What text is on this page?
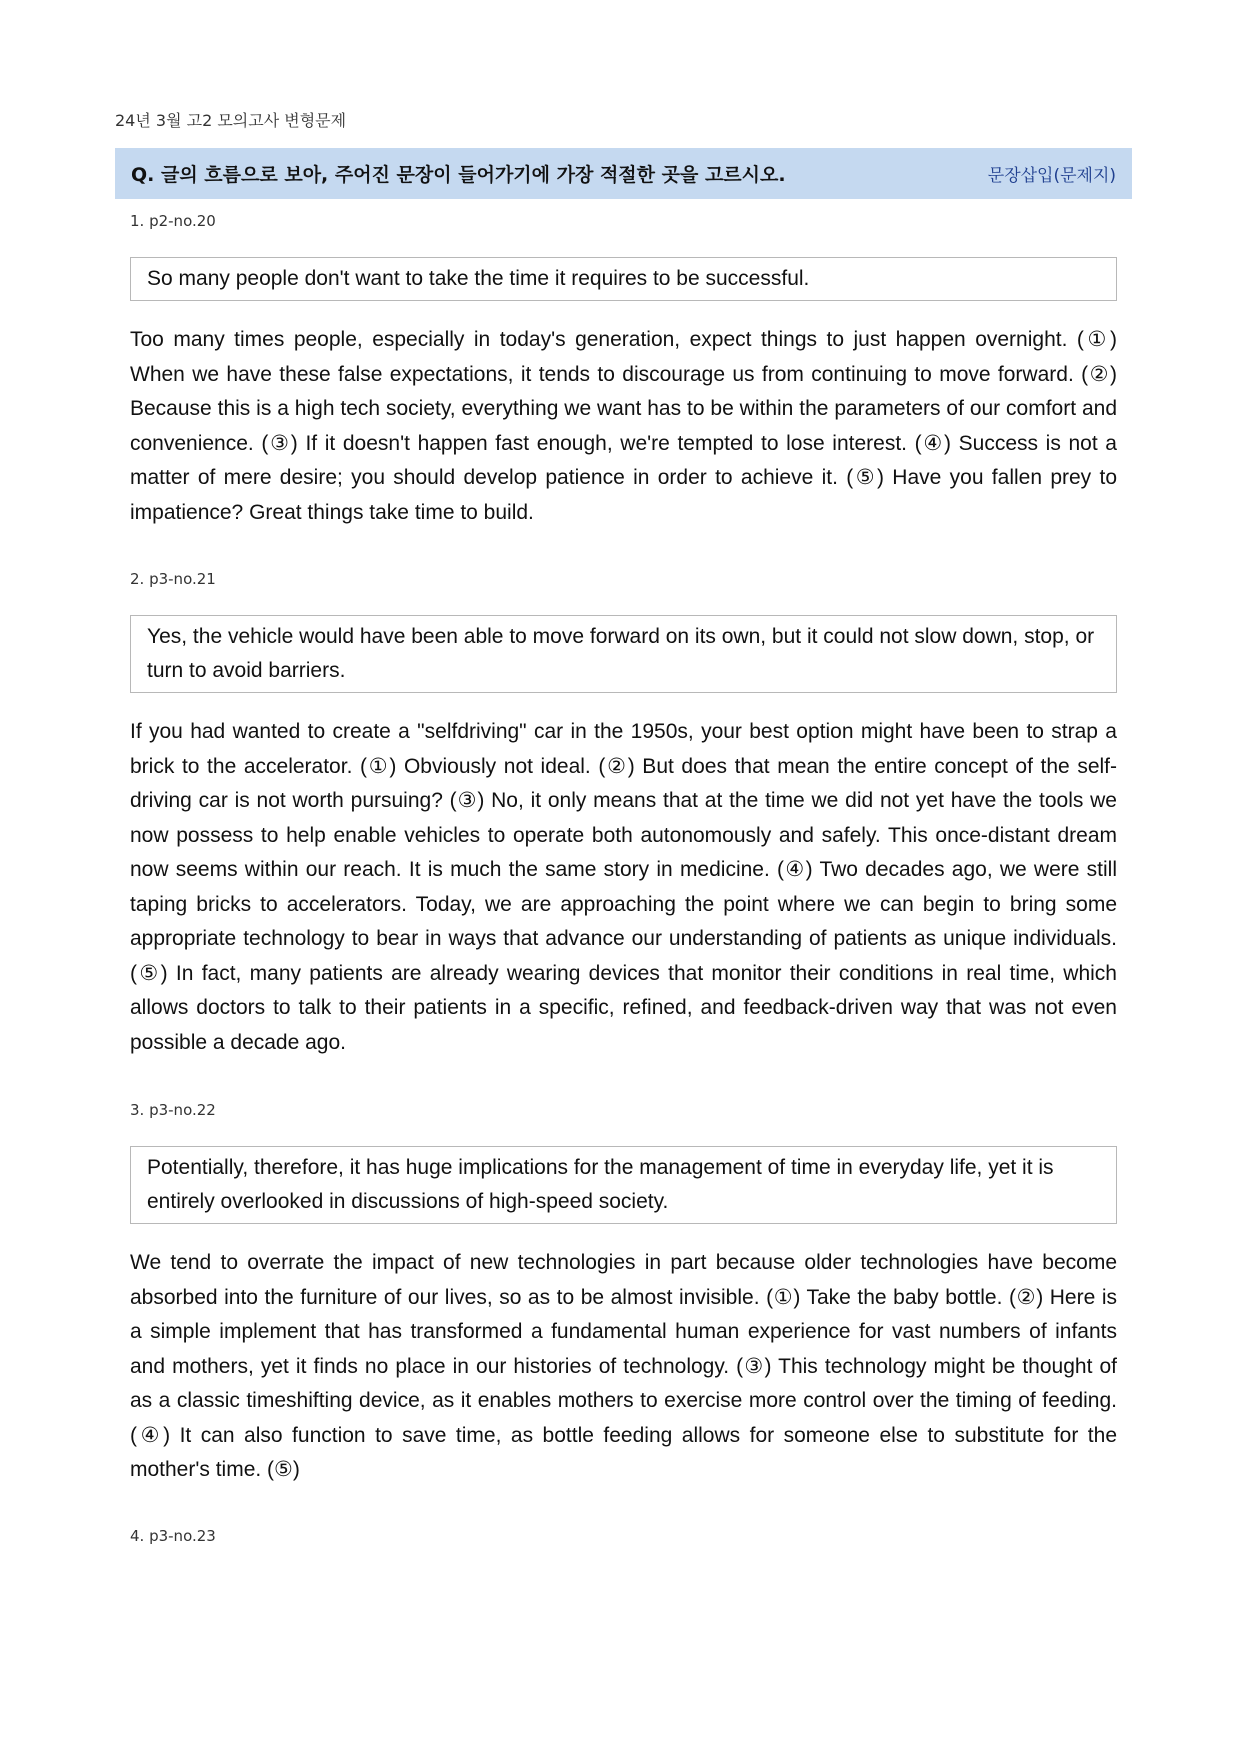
24년 3월 고2 모의고사 변형문제
Q. 글의 흐름으로 보아, 주어진 문장이 들어가기에 가장 적절한 곳을 고르시오.	문장삽입(문제지)

1. p2-no.20

So many people don't want to take the time it requires to be successful.
Too many times people, especially in today's generation, expect things to just happen overnight. (①) When we have these false expectations, it tends to discourage us from continuing to move forward. (②) Because this is a high tech society, everything we want has to be within the parameters of our comfort and convenience. (③) If it doesn't happen fast enough, we're tempted to lose interest. (④) Success is not a matter of mere desire; you should develop patience in order to achieve it. (⑤) Have you fallen prey to impatience? Great things take time to build.

2. p3-no.21

Yes, the vehicle would have been able to move forward on its own, but it could not slow down, stop, or turn to avoid barriers.
If you had wanted to create a "selfdriving" car in the 1950s, your best option might have been to strap a brick to the accelerator. (①) Obviously not ideal. (②) But does that mean the entire concept of the self-driving car is not worth pursuing? (③) No, it only means that at the time we did not yet have the tools we now possess to help enable vehicles to operate both autonomously and safely. This once-distant dream now seems within our reach. It is much the same story in medicine. (④) Two decades ago, we were still taping bricks to accelerators. Today, we are approaching the point where we can begin to bring some appropriate technology to bear in ways that advance our understanding of patients as unique individuals. (⑤) In fact, many patients are already wearing devices that monitor their conditions in real time, which allows doctors to talk to their patients in a specific, refined, and feedback-driven way that was not even possible a decade ago.

3. p3-no.22

Potentially, therefore, it has huge implications for the management of time in everyday life, yet it is entirely overlooked in discussions of high-speed society.
We tend to overrate the impact of new technologies in part because older technologies have become absorbed into the furniture of our lives, so as to be almost invisible. (①) Take the baby bottle. (②) Here is a simple implement that has transformed a fundamental human experience for vast numbers of infants and mothers, yet it finds no place in our histories of technology. (③) This technology might be thought of as a classic timeshifting device, as it enables mothers to exercise more control over the timing of feeding. (④) It can also function to save time, as bottle feeding allows for someone else to substitute for the mother's time. (⑤)

4. p3-no.23
